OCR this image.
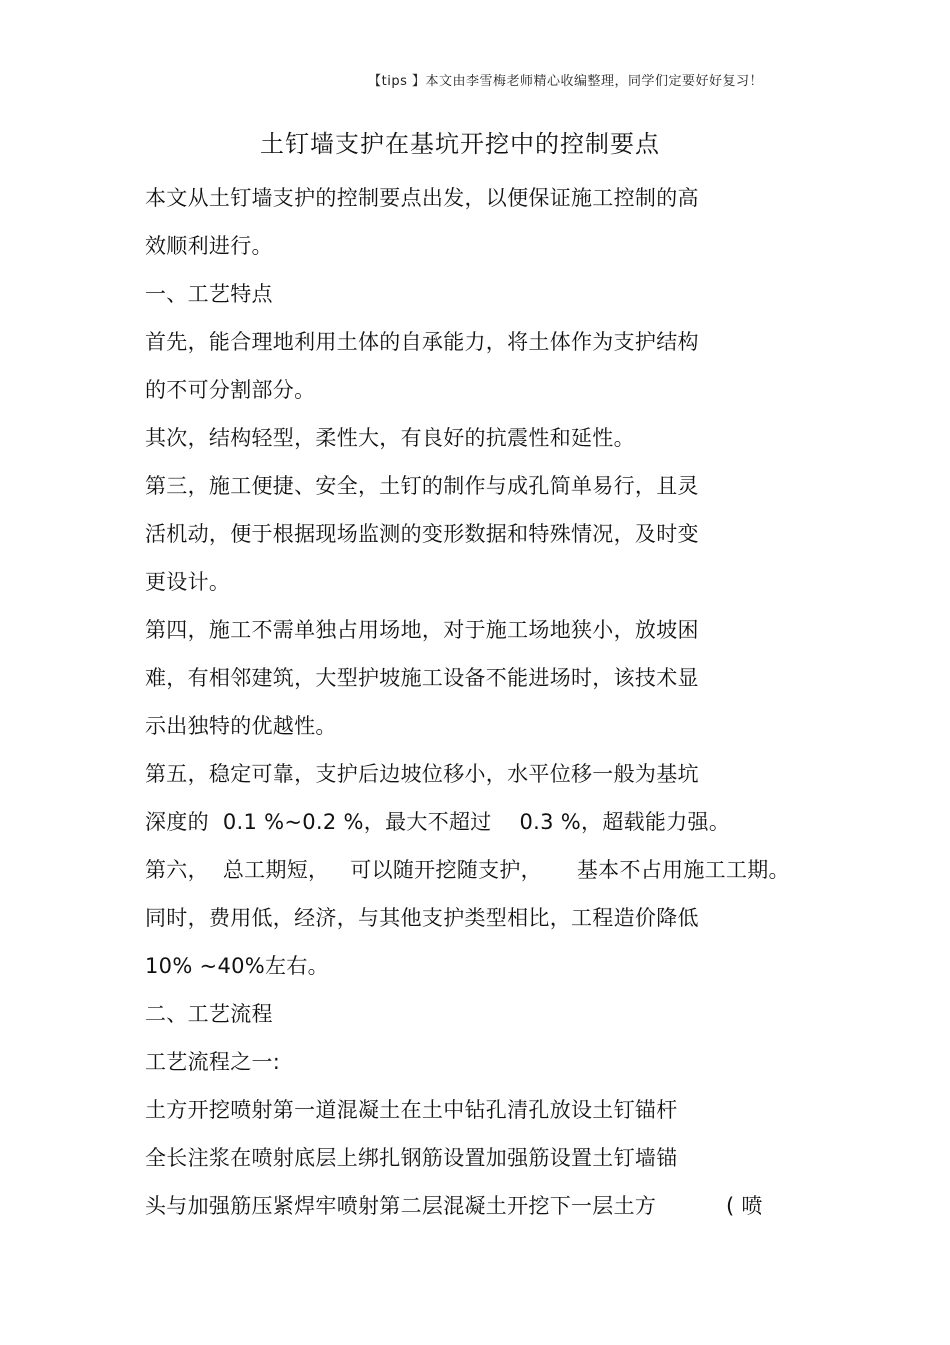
【tips 】本文由李雪梅老师精心收编整理，同学们定要好好复习！
土钉墙支护在基坑开挖中的控制要点
本文从土钉墙支护的控制要点出发，以便保证施工控制的高
效顺利进行。
一、工艺特点
首先，能合理地利用土体的自承能力，将土体作为支护结构
的不可分割部分。
其次，结构轻型，柔性大，有良好的抗震性和延性。
第三，施工便捷、安全，土钉的制作与成孔简单易行，且灵
活机动，便于根据现场监测的变形数据和特殊情况，及时变
更设计。
第四，施工不需单独占用场地，对于施工场地狭小，放坡困
难，有相邻建筑，大型护坡施工设备不能进场时，该技术显
示出独特的优越性。
第五，稳定可靠，支护后边坡位移小，水平位移一般为基坑
深度的  0.1 %~0.2 %，最大不超过    0.3 %，超载能力强。
第六，  总工期短，   可以随开挖随支护，     基本不占用施工工期。
同时，费用低，经济，与其他支护类型相比，工程造价降低
10% ~40%左右。
二、工艺流程
工艺流程之一:
土方开挖喷射第一道混凝土在土中钻孔清孔放设土钉锚杆
全长注浆在喷射底层上绑扎钢筋设置加强筋设置土钉墙锚
头与加强筋压紧焊牢喷射第二层混凝土开挖下一层土方          ( 喷
